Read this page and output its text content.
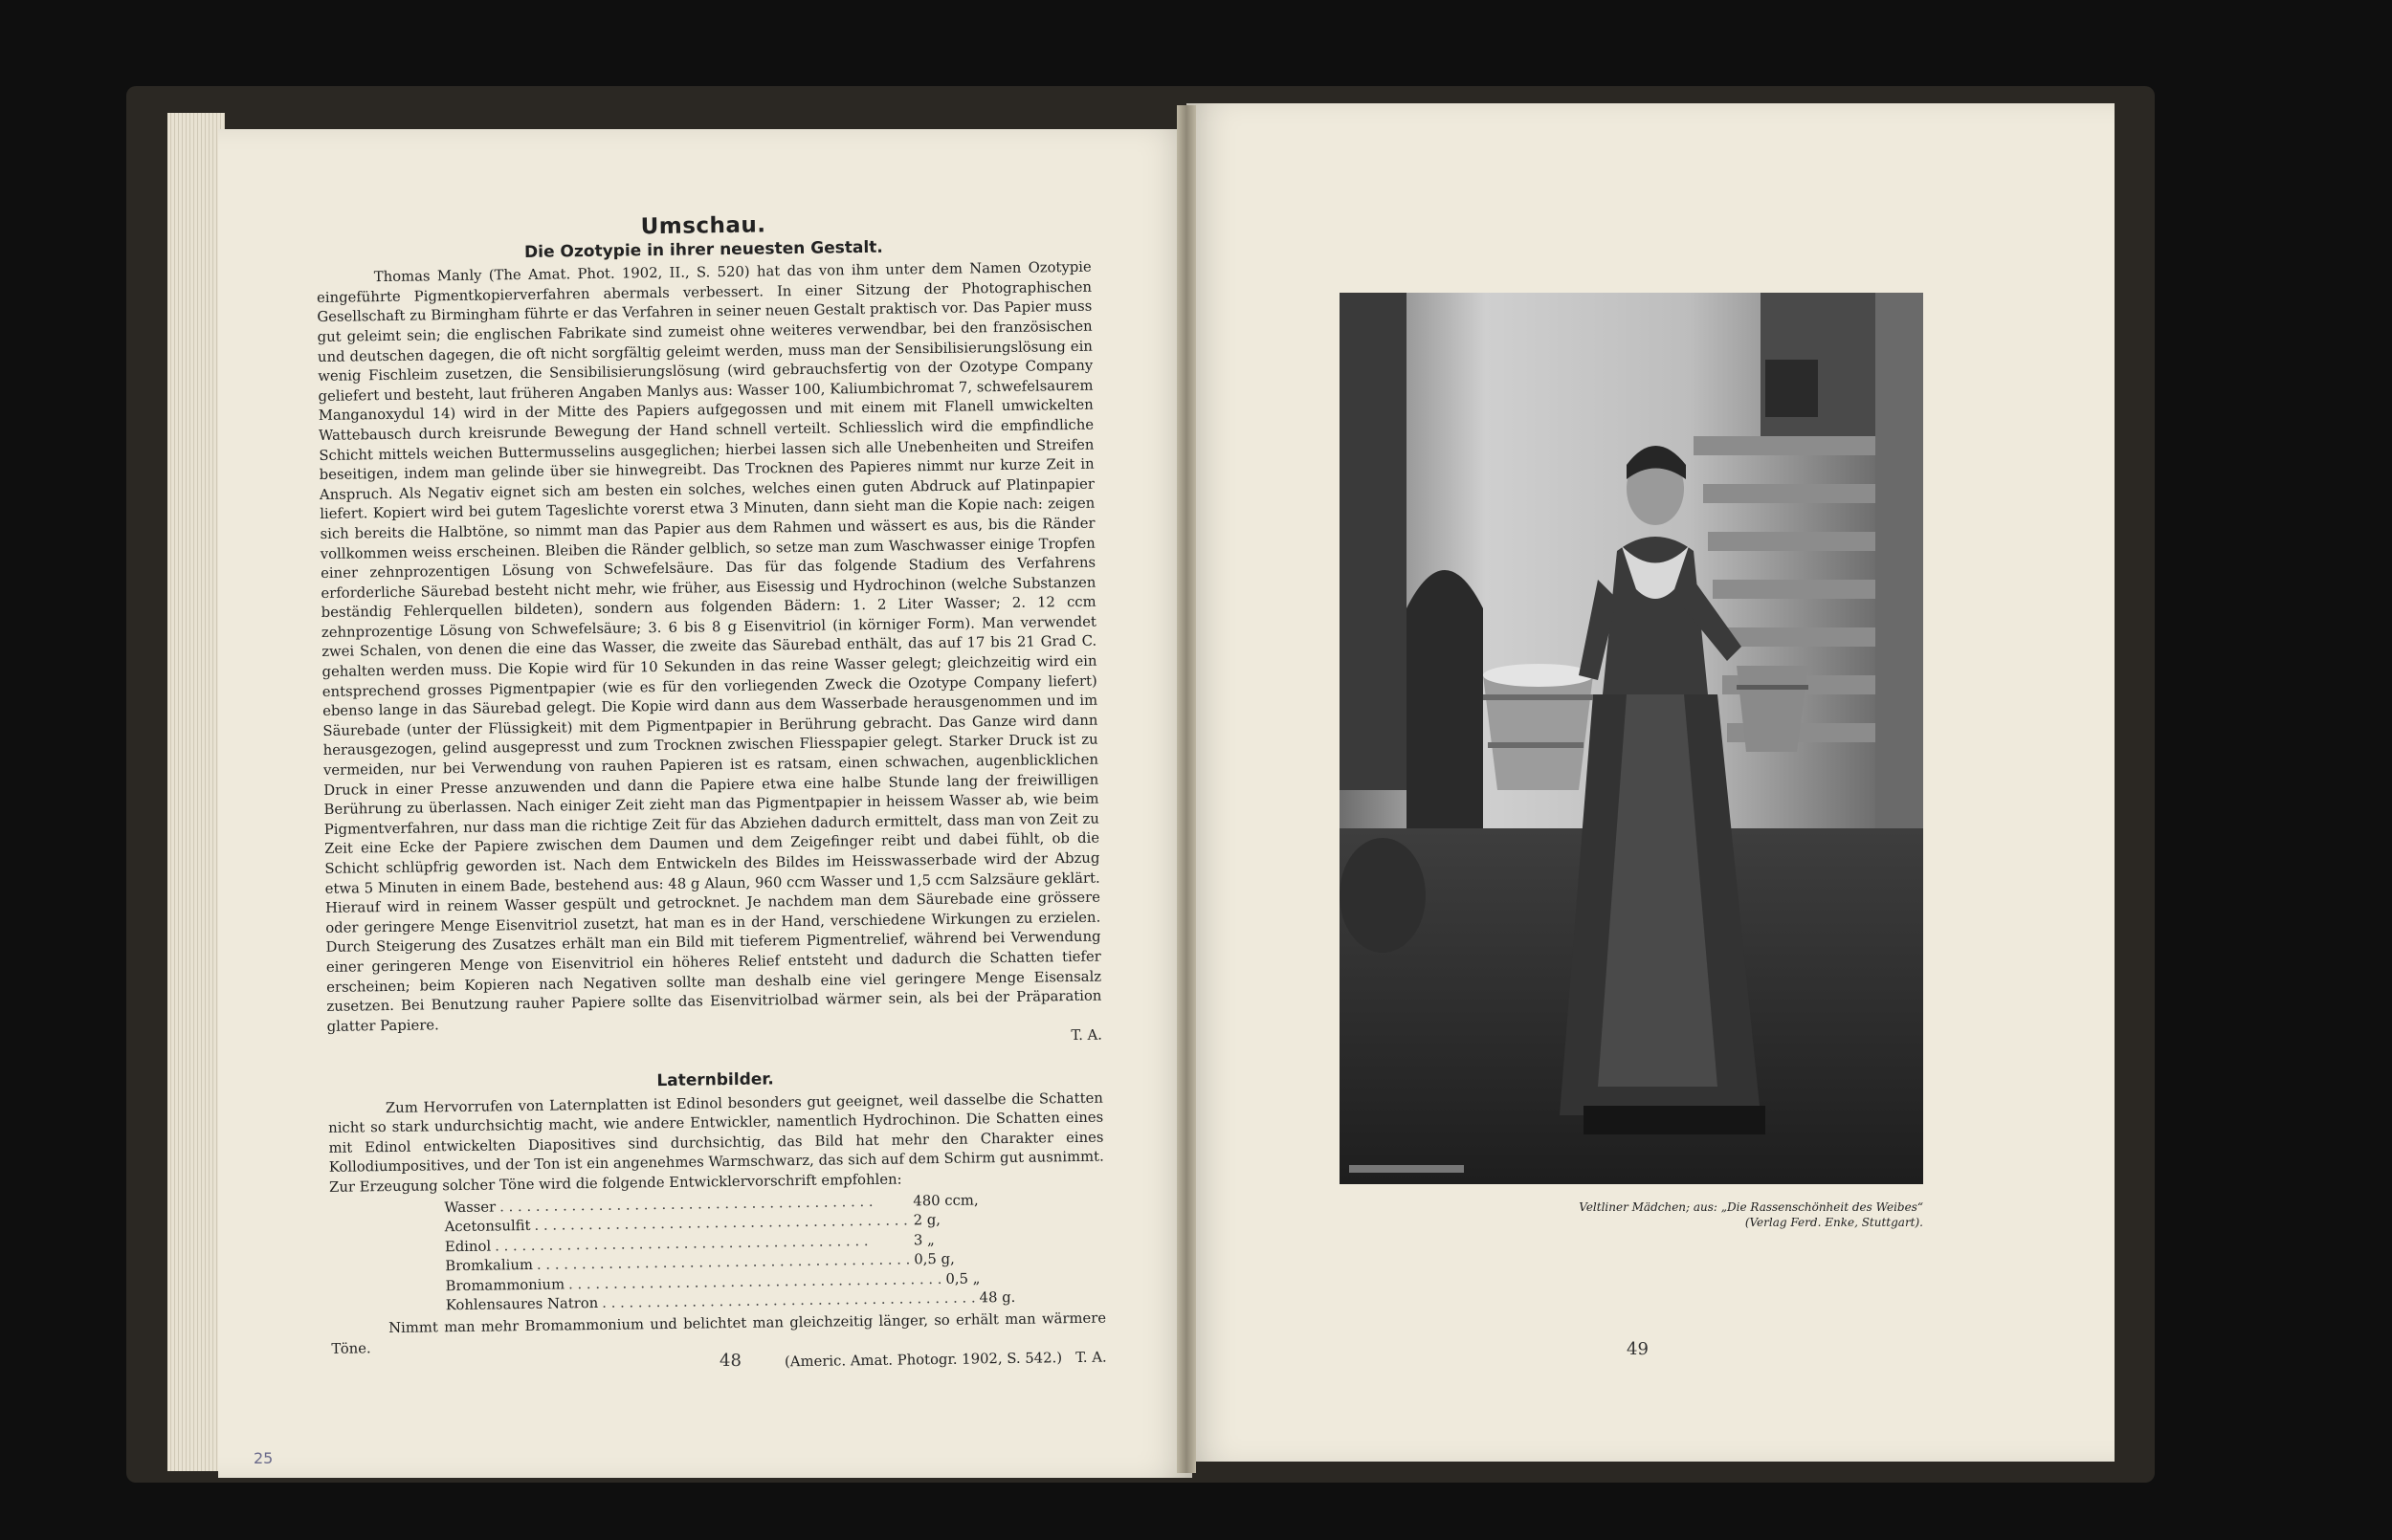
Umschau.
Die Ozotypie in ihrer neuesten Gestalt.

Thomas Manly (The Amat. Phot. 1902, II., S. 520) hat das von ihm unter dem Namen Ozotypie eingeführte Pigmentkopierverfahren abermals verbessert. In einer Sitzung der Photographischen Gesellschaft zu Birmingham führte er das Verfahren in seiner neuen Gestalt praktisch vor. Das Papier muss gut geleimt sein; die englischen Fabrikate sind zumeist ohne weiteres verwendbar, bei den französischen und deutschen dagegen, die oft nicht sorgfältig geleimt werden, muss man der Sensibilisierungslösung ein wenig Fischleim zusetzen, die Sensibilisierungslösung (wird gebrauchsfertig von der Ozotype Company geliefert und besteht, laut früheren Angaben Manlys aus: Wasser 100, Kaliumbichromat 7, schwefelsaurem Manganoxydul 14) wird in der Mitte des Papiers aufgegossen und mit einem mit Flanell umwickelten Wattebausch durch kreisrunde Bewegung der Hand schnell verteilt. Schliesslich wird die empfindliche Schicht mittels weichen Buttermusselins ausgeglichen; hierbei lassen sich alle Unebenheiten und Streifen beseitigen, indem man gelinde über sie hinwegreibt. Das Trocknen des Papieres nimmt nur kurze Zeit in Anspruch. Als Negativ eignet sich am besten ein solches, welches einen guten Abdruck auf Platinpapier liefert. Kopiert wird bei gutem Tageslichte vorerst etwa 3 Minuten, dann sieht man die Kopie nach: zeigen sich bereits die Halbtöne, so nimmt man das Papier aus dem Rahmen und wässert es aus, bis die Ränder vollkommen weiss erscheinen. Bleiben die Ränder gelblich, so setze man zum Waschwasser einige Tropfen einer zehnprozentigen Lösung von Schwefelsäure. Das für das folgende Stadium des Verfahrens erforderliche Säurebad besteht nicht mehr, wie früher, aus Eisessig und Hydrochinon (welche Substanzen beständig Fehlerquellen bildeten), sondern aus folgenden Bädern: 1. 2 Liter Wasser; 2. 12 ccm zehnprozentige Lösung von Schwefelsäure; 3. 6 bis 8 g Eisenvitriol (in körniger Form). Man verwendet zwei Schalen, von denen die eine das Wasser, die zweite das Säurebad enthält, das auf 17 bis 21 Grad C. gehalten werden muss. Die Kopie wird für 10 Sekunden in das reine Wasser gelegt; gleichzeitig wird ein entsprechend grosses Pigmentpapier (wie es für den vorliegenden Zweck die Ozotype Company liefert) ebenso lange in das Säurebad gelegt. Die Kopie wird dann aus dem Wasserbade herausgenommen und im Säurebade (unter der Flüssigkeit) mit dem Pigmentpapier in Berührung gebracht. Das Ganze wird dann herausgezogen, gelind ausgepresst und zum Trocknen zwischen Fliesspapier gelegt. Starker Druck ist zu vermeiden, nur bei Verwendung von rauhen Papieren ist es ratsam, einen schwachen, augenblicklichen Druck in einer Presse anzuwenden und dann die Papiere etwa eine halbe Stunde lang der freiwilligen Berührung zu überlassen. Nach einiger Zeit zieht man das Pigmentpapier in heissem Wasser ab, wie beim Pigmentverfahren, nur dass man die richtige Zeit für das Abziehen dadurch ermittelt, dass man von Zeit zu Zeit eine Ecke der Papiere zwischen dem Daumen und dem Zeigefinger reibt und dabei fühlt, ob die Schicht schlüpfrig geworden ist. Nach dem Entwickeln des Bildes im Heisswasserbade wird der Abzug etwa 5 Minuten in einem Bade, bestehend aus: 48 g Alaun, 960 ccm Wasser und 1,5 ccm Salzsäure geklärt. Hierauf wird in reinem Wasser gespült und getrocknet. Je nachdem man dem Säurebade eine grössere oder geringere Menge Eisenvitriol zusetzt, hat man es in der Hand, verschiedene Wirkungen zu erzielen. Durch Steigerung des Zusatzes erhält man ein Bild mit tieferem Pigmentrelief, während bei Verwendung einer geringeren Menge von Eisenvitriol ein höheres Relief entsteht und dadurch die Schatten tiefer erscheinen; beim Kopieren nach Negativen sollte man deshalb eine viel geringere Menge Eisensalz zusetzen. Bei Benutzung rauher Papiere sollte das Eisenvitriolbad wärmer sein, als bei der Präparation glatter Papiere.

T. A.
Laternbilder.

Zum Hervorrufen von Laternplatten ist Edinol besonders gut geeignet, weil dasselbe die Schatten nicht so stark undurchsichtig macht, wie andere Entwickler, namentlich Hydrochinon. Die Schatten eines mit Edinol entwickelten Diapositives sind durchsichtig, das Bild hat mehr den Charakter eines Kollodiumpositives, und der Ton ist ein angenehmes Warmschwarz, das sich auf dem Schirm gut ausnimmt. Zur Erzeugung solcher Töne wird die folgende Entwicklervorschrift empfohlen:

Wasser . . . . . . . . . . . . . . . . . . . . . . . . . . . . . . . . . . . . . . . . . .	480 ccm,
Acetonsulfit . . . . . . . . . . . . . . . . . . . . . . . . . . . . . . . . . . . . . . . . . . 2 g,
Edinol . . . . . . . . . . . . . . . . . . . . . . . . . . . . . . . . . . . . . . . . . .	3 „
Bromkalium . . . . . . . . . . . . . . . . . . . . . . . . . . . . . . . . . . . . . . . . . . 0,5 g,
Bromammonium . . . . . . . . . . . . . . . . . . . . . . . . . . . . . . . . . . . . . . . . . . 0,5 „
Kohlensaures Natron . . . . . . . . . . . . . . . . . . . . . . . . . . . . . . . . . . . . . . . . . . 48 g.

Nimmt man mehr Bromammonium und belichtet man gleichzeitig länger, so erhält man wärmere Töne.

(Americ. Amat. Photogr. 1902, S. 542.) T. A.
48
Veltliner Mädchen; aus: „Die Rassenschönheit des Weibes“
(Verlag Ferd. Enke, Stuttgart).
49
25
